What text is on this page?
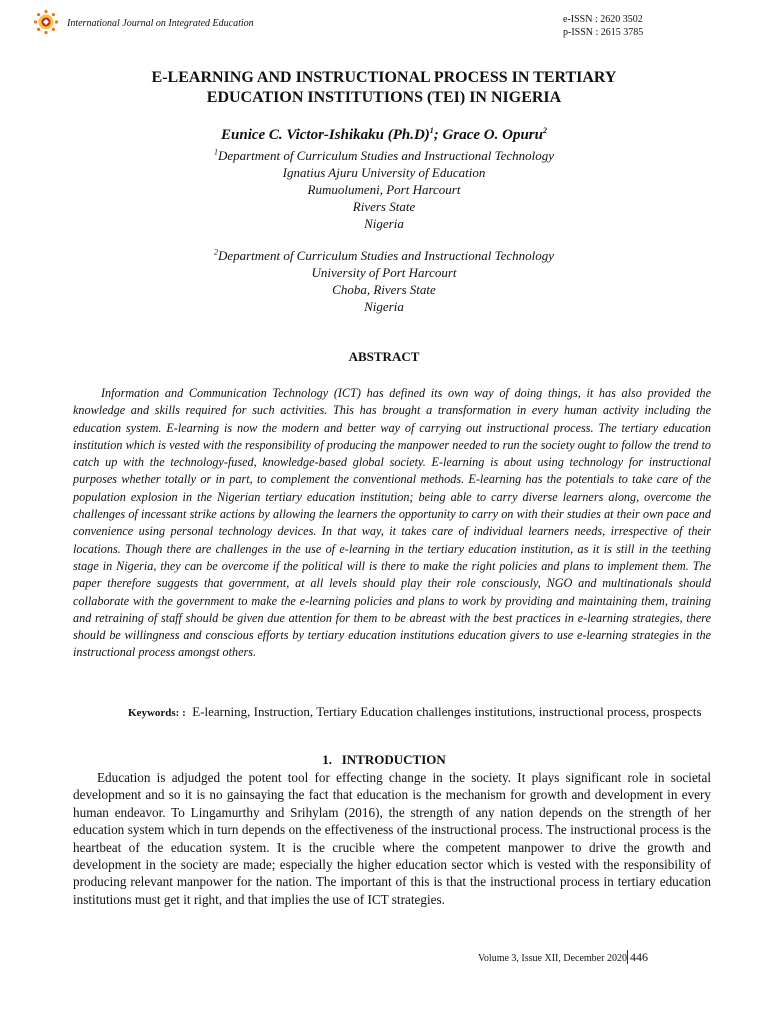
International Journal on Integrated Education	e-ISSN : 2620 3502
p-ISSN : 2615 3785
E-LEARNING AND INSTRUCTIONAL PROCESS IN TERTIARY
EDUCATION INSTITUTIONS (TEI) IN NIGERIA
Eunice C. Victor-Ishikaku $(Ph.D)^1$; Grace O. Opuru$^2$
$^1$Department of Curriculum Studies and Instructional Technology
Ignatius Ajuru University of Education
Rumuolumeni, Port Harcourt
Rivers State
Nigeria
$^2$Department of Curriculum Studies and Instructional Technology
University of Port Harcourt
Choba, Rivers State
Nigeria
ABSTRACT
Information and Communication Technology (ICT) has defined its own way of doing things, it has also provided the knowledge and skills required for such activities. This has brought a transformation in every human activity including the education system. E-learning is now the modern and better way of carrying out instructional process. The tertiary education institution which is vested with the responsibility of producing the manpower needed to run the society ought to follow the trend to catch up with the technology-fused, knowledge-based global society. E-learning is about using technology for instructional purposes whether totally or in part, to complement the conventional methods. E-learning has the potentials to take care of the population explosion in the Nigerian tertiary education institution; being able to carry diverse learners along, overcome the challenges of incessant strike actions by allowing the learners the opportunity to carry on with their studies at their own pace and convenience using personal technology devices. In that way, it takes care of individual learners needs, irrespective of their locations. Though there are challenges in the use of e-learning in the tertiary education institution, as it is still in the teething stage in Nigeria, they can be overcome if the political will is there to make the right policies and plans to implement them. The paper therefore suggests that government, at all levels should play their role consciously, NGO and multinationals should collaborate with the government to make the e-learning policies and plans to work by providing and maintaining them, training and retraining of staff should be given due attention for them to be abreast with the best practices in e-learning strategies, there should be willingness and conscious efforts by tertiary education institutions education givers to use e-learning strategies in the instructional process amongst others.
Keywords: : E-learning, Instruction, Tertiary Education challenges institutions, instructional process, prospects
1.   INTRODUCTION
Education is adjudged the potent tool for effecting change in the society. It plays significant role in societal development and so it is no gainsaying the fact that education is the mechanism for growth and development in every human endeavor. To Lingamurthy and Srihylam (2016), the strength of any nation depends on the strength of her education system which in turn depends on the effectiveness of the instructional process. The instructional process is the heartbeat of the education system. It is the crucible where the competent manpower to drive the growth and development in the society are made; especially the higher education sector which is vested with the responsibility of producing relevant manpower for the nation. The important of this is that the instructional process in tertiary education institutions must get it right, and that implies the use of ICT strategies.
Volume 3, Issue XII, December 2020 446
